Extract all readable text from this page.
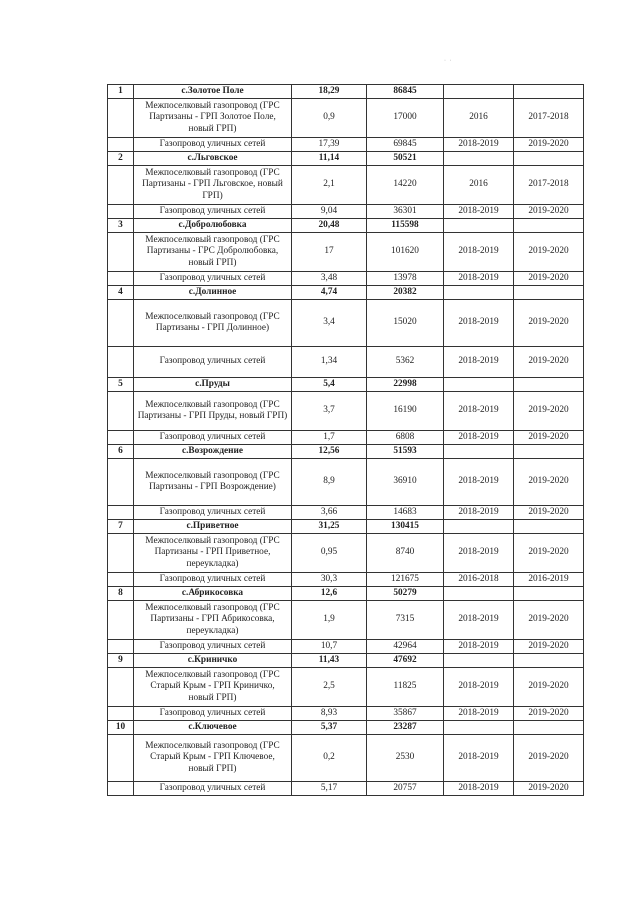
· ·
1	с.Золотое Поле	18,29	86845		
	Межпоселковый газопровод (ГРС Партизаны - ГРП Золотое Поле, новый ГРП)	0,9	17000	2016	2017-2018
	Газопровод уличных сетей	17,39	69845	2018-2019	2019-2020
2	с.Льговское	11,14	50521		
	Межпоселковый газопровод (ГРС Партизаны - ГРП Льговское, новый ГРП)	2,1	14220	2016	2017-2018
	Газопровод уличных сетей	9,04	36301	2018-2019	2019-2020
3	с.Добролюбовка	20,48	115598		
	Межпоселковый газопровод (ГРС Партизаны - ГРС Добролюбовка, новый ГРП)	17	101620	2018-2019	2019-2020
	Газопровод уличных сетей	3,48	13978	2018-2019	2019-2020
4	с.Долинное	4,74	20382		
	Межпоселковый газопровод (ГРС Партизаны - ГРП Долинное)	3,4	15020	2018-2019	2019-2020
	Газопровод уличных сетей	1,34	5362	2018-2019	2019-2020
5	с.Пруды	5,4	22998		
	Межпоселковый газопровод (ГРС Партизаны - ГРП Пруды, новый ГРП)	3,7	16190	2018-2019	2019-2020
	Газопровод уличных сетей	1,7	6808	2018-2019	2019-2020
6	с.Возрождение	12,56	51593		
	Межпоселковый газопровод (ГРС Партизаны - ГРП Возрождение)	8,9	36910	2018-2019	2019-2020
	Газопровод уличных сетей	3,66	14683	2018-2019	2019-2020
7	с.Приветное	31,25	130415		
	Межпоселковый газопровод (ГРС Партизаны - ГРП Приветное, переукладка)	0,95	8740	2018-2019	2019-2020
	Газопровод уличных сетей	30,3	121675	2016-2018	2016-2019
8	с.Абрикосовка	12,6	50279		
	Межпоселковый газопровод (ГРС Партизаны - ГРП Абрикосовка, переукладка)	1,9	7315	2018-2019	2019-2020
	Газопровод уличных сетей	10,7	42964	2018-2019	2019-2020
9	с.Криничко	11,43	47692		
	Межпоселковый газопровод (ГРС Старый Крым - ГРП Криничко, новый ГРП)	2,5	11825	2018-2019	2019-2020
	Газопровод уличных сетей	8,93	35867	2018-2019	2019-2020
10	с.Ключевое	5,37	23287		
	Межпоселковый газопровод (ГРС Старый Крым - ГРП Ключевое, новый ГРП)	0,2	2530	2018-2019	2019-2020
	Газопровод уличных сетей	5,17	20757	2018-2019	2019-2020
